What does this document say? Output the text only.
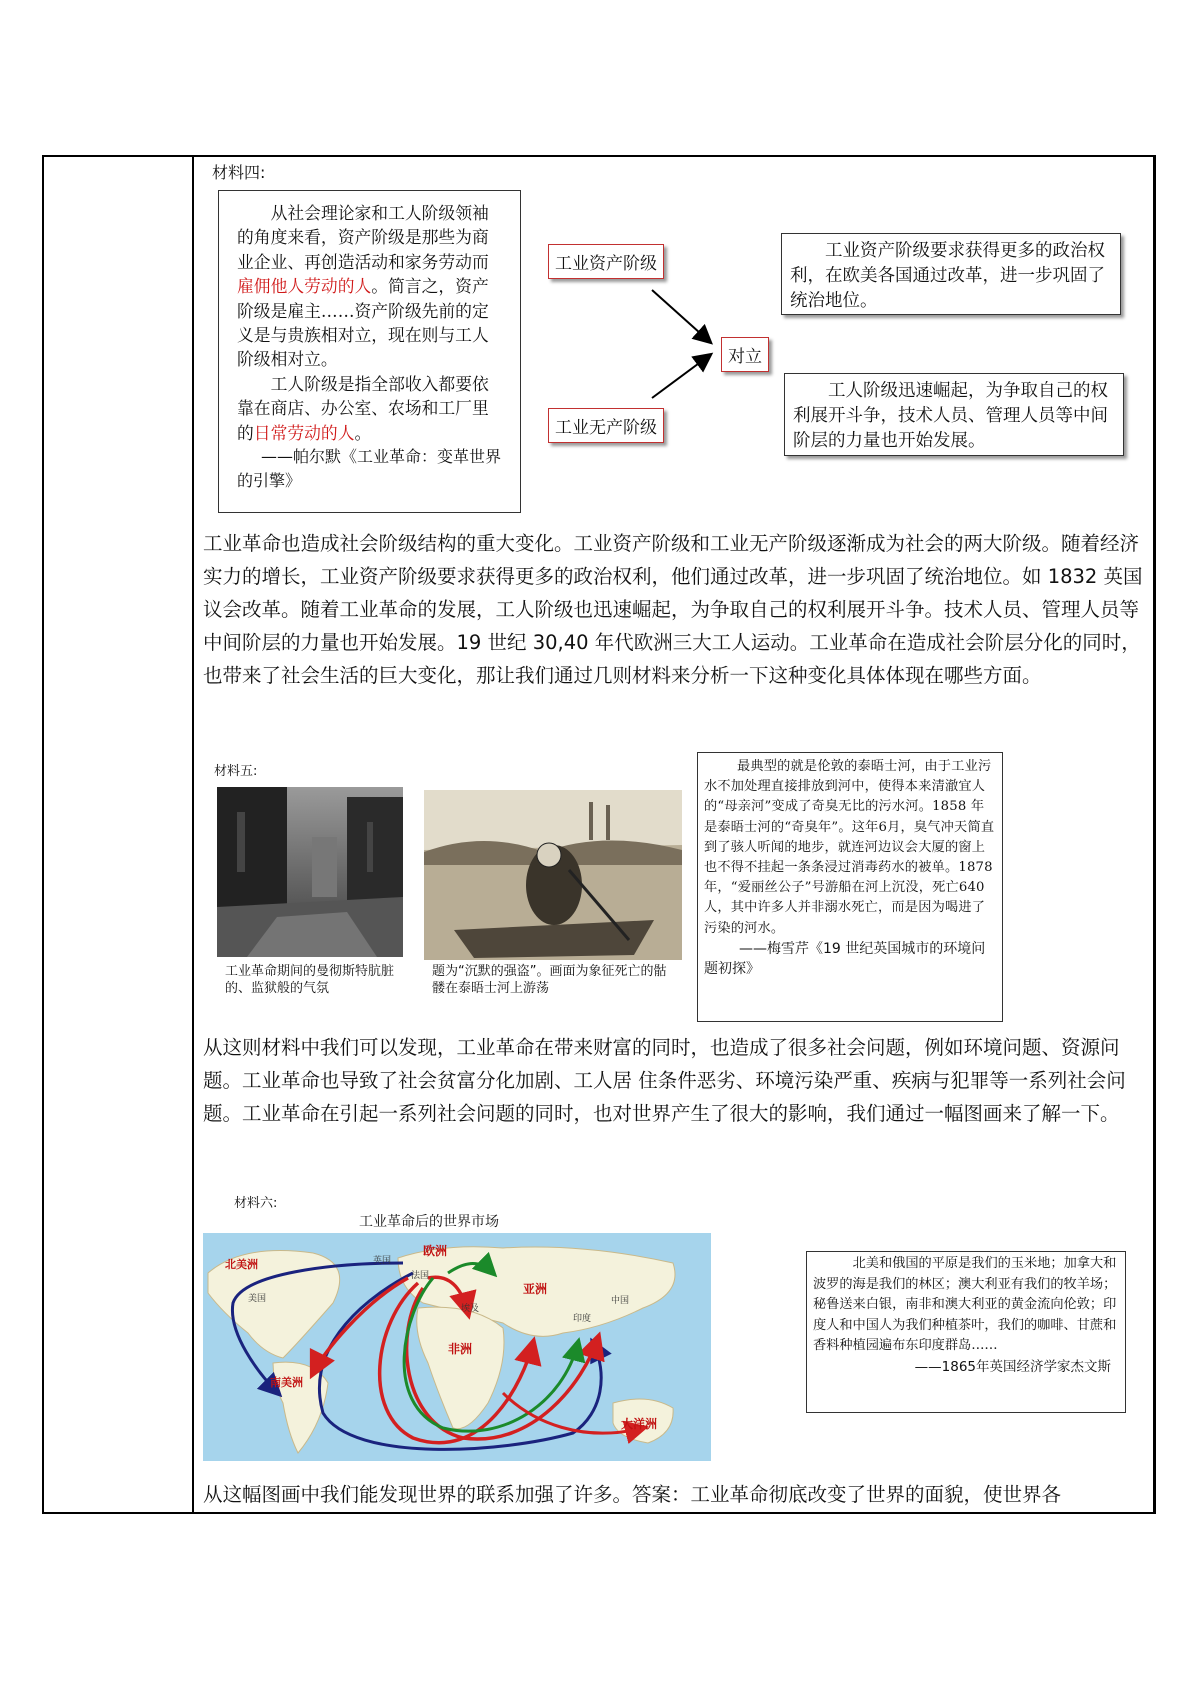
材料四:
从社会理论家和工人阶级领袖的角度来看，资产阶级是那些为商业企业、再创造活动和家务劳动而雇佣他人劳动的人。简言之，资产阶级是雇主……资产阶级先前的定义是与贵族相对立，现在则与工人阶级相对立。
工人阶级是指全部收入都要依靠在商店、办公室、农场和工厂里的日常劳动的人。
——帕尔默《工业革命：变革世界的引擎》
工业资产阶级
工业无产阶级
对立
工业资产阶级要求获得更多的政治权利，在欧美各国通过改革，进一步巩固了统治地位。
工人阶级迅速崛起，为争取自己的权利展开斗争，技术人员、管理人员等中间阶层的力量也开始发展。
工业革命也造成社会阶级结构的重大变化。工业资产阶级和工业无产阶级逐渐成为社会的两大阶级。随着经济实力的增长，工业资产阶级要求获得更多的政治权利，他们通过改革，进一步巩固了统治地位。如 1832 英国议会改革。随着工业革命的发展，工人阶级也迅速崛起，为争取自己的权利展开斗争。技术人员、管理人员等中间阶层的力量也开始发展。19 世纪 30,40 年代欧洲三大工人运动。工业革命在造成社会阶层分化的同时，也带来了社会生活的巨大变化，那让我们通过几则材料来分析一下这种变化具体体现在哪些方面。
材料五:
工业革命期间的曼彻斯特肮脏的、监狱般的气氛
题为“沉默的强盗”。画面为象征死亡的骷髅在泰晤士河上游荡
最典型的就是伦敦的泰晤士河，由于工业污水不加处理直接排放到河中，使得本来清澈宜人的“母亲河”变成了奇臭无比的污水河。1858 年是泰晤士河的“奇臭年”。这年6月，臭气冲天简直到了骇人听闻的地步，就连河边议会大厦的窗上也不得不挂起一条条浸过消毒药水的被单。1878 年，“爱丽丝公子”号游船在河上沉没，死亡640人，其中许多人并非溺水死亡，而是因为喝进了污染的河水。
——梅雪芹《19 世纪英国城市的环境问题初探》
从这则材料中我们可以发现，工业革命在带来财富的同时，也造成了很多社会问题，例如环境问题、资源问题。工业革命也导致了社会贫富分化加剧、工人居 住条件恶劣、环境污染严重、疾病与犯罪等一系列社会问题。工业革命在引起一系列社会问题的同时，也对世界产生了很大的影响，我们通过一幅图画来了解一下。
材料六:
工业革命后的世界市场
北美洲
南美洲
欧洲
亚洲
非洲
大洋洲
英国
法国
埃及
印度
中国
美国
北美和俄国的平原是我们的玉米地；加拿大和波罗的海是我们的林区；澳大利亚有我们的牧羊场；秘鲁送来白银，南非和澳大利亚的黄金流向伦敦；印度人和中国人为我们种植茶叶，我们的咖啡、甘蔗和香料种植园遍布东印度群岛……
——1865年英国经济学家杰文斯
从这幅图画中我们能发现世界的联系加强了许多。答案：工业革命彻底改变了世界的面貌，使世界各
